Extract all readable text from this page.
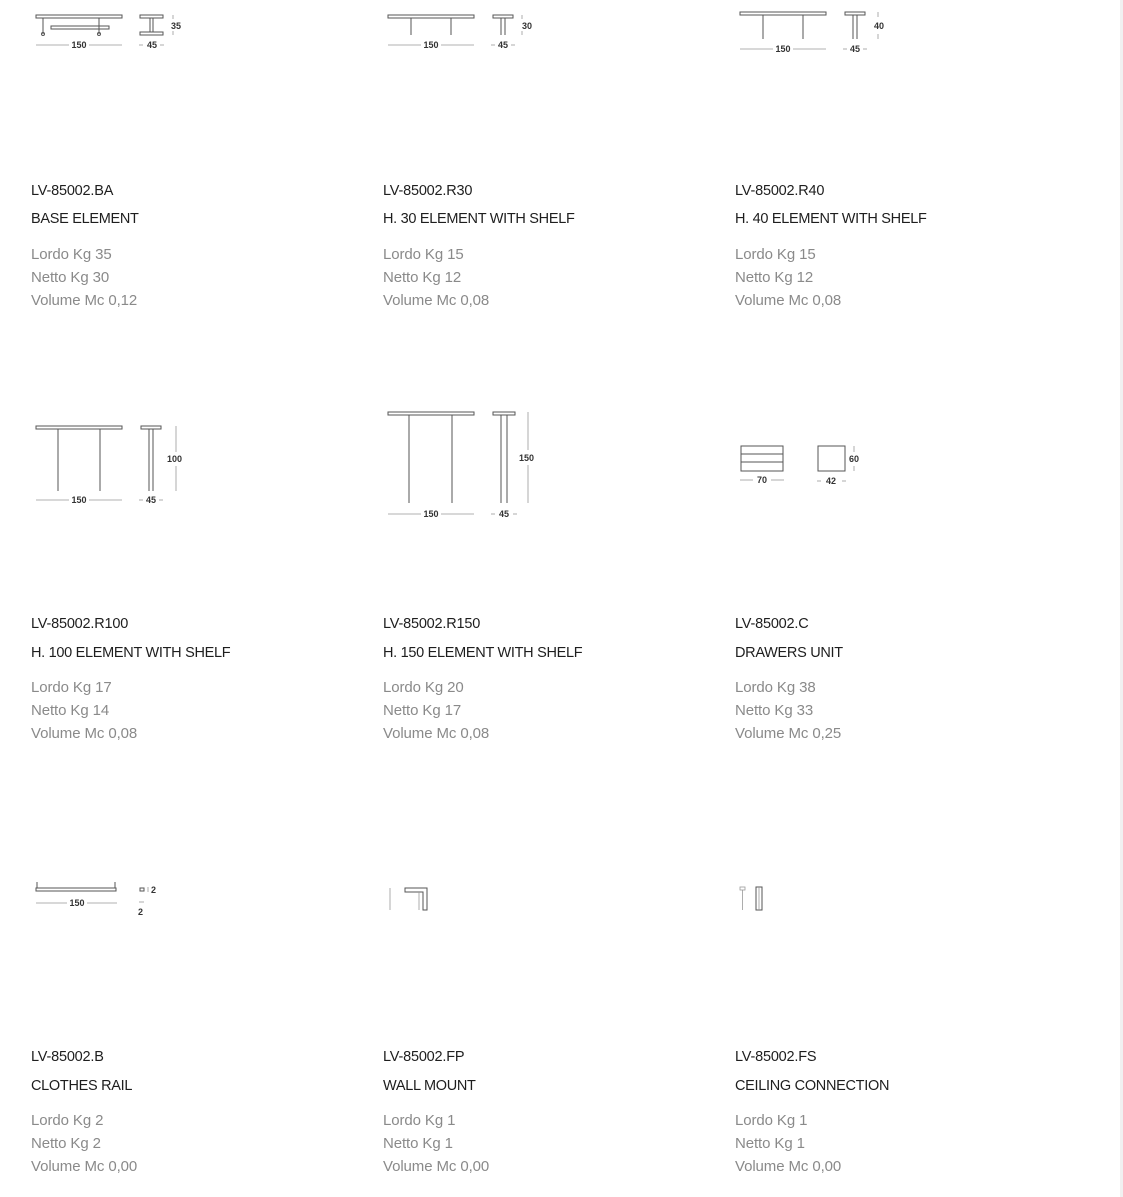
150	45
35
LV-85002.BA
BASE ELEMENT
Lordo Kg 35
Netto Kg 30
Volume Mc 0,12
150	45
30
LV-85002.R30
H. 30 ELEMENT WITH SHELF
Lordo Kg 15
Netto Kg 12
Volume Mc 0,08
150	45
40
LV-85002.R40
H. 40 ELEMENT WITH SHELF
Lordo Kg 15
Netto Kg 12
Volume Mc 0,08
150	45
100
LV-85002.R100
H. 100 ELEMENT WITH SHELF
Lordo Kg 17
Netto Kg 14
Volume Mc 0,08
150	45
150
LV-85002.R150
H. 150 ELEMENT WITH SHELF
Lordo Kg 20
Netto Kg 17
Volume Mc 0,08
70	42
60
LV-85002.C
DRAWERS UNIT
Lordo Kg 38
Netto Kg 33
Volume Mc 0,25
150
2
2
LV-85002.B
CLOTHES RAIL
Lordo Kg 2
Netto Kg 2
Volume Mc 0,00
LV-85002.FP
WALL MOUNT
Lordo Kg 1
Netto Kg 1
Volume Mc 0,00
LV-85002.FS
CEILING CONNECTION
Lordo Kg 1
Netto Kg 1
Volume Mc 0,00
